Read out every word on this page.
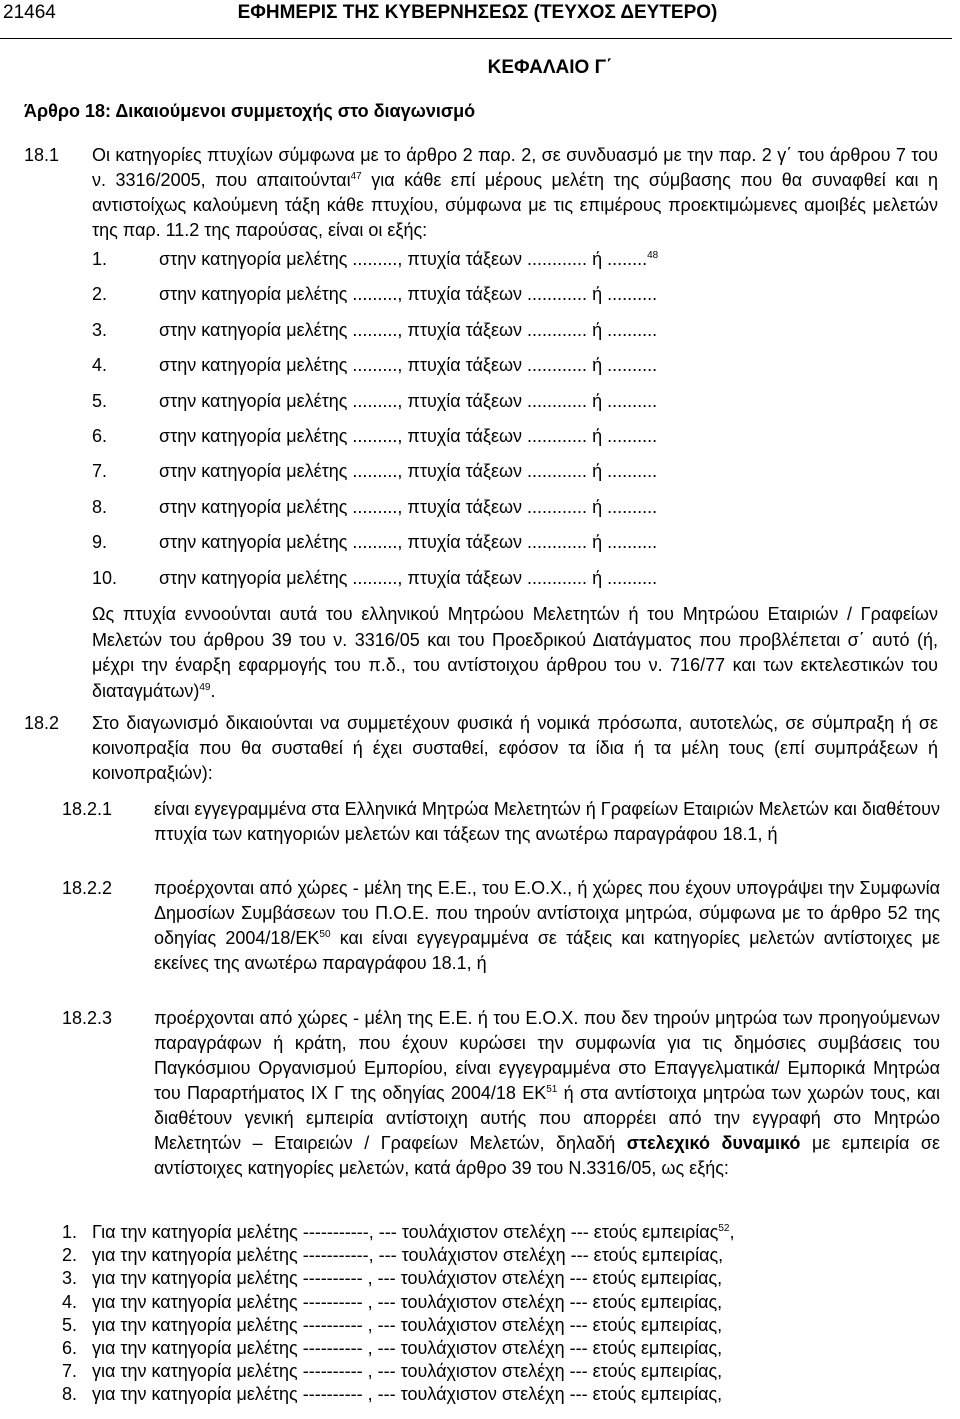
21464	ΕΦΗΜΕΡΙΣ ΤΗΣ ΚΥΒΕΡΝΗΣΕΩΣ (ΤΕΥΧΟΣ ΔΕΥΤΕΡΟ)
ΚΕΦΑΛΑΙΟ Γ΄
Άρθρο 18: Δικαιούμενοι συμμετοχής στο διαγωνισμό
18.1	Οι κατηγορίες πτυχίων σύμφωνα με το άρθρο 2 παρ. 2, σε συνδυασμό με την παρ. 2 γ΄ του άρθρου 7 του ν. 3316/2005, που απαιτούνται$^{47}$ για κάθε επί μέρους μελέτη της σύμβασης που θα συναφθεί και η αντιστοίχως καλούμενη τάξη κάθε πτυχίου, σύμφωνα με τις επιμέρους προεκτιμώμενες αμοιβές μελετών της παρ. 11.2 της παρούσας, είναι οι εξής:
1.	στην κατηγορία μελέτης ........., πτυχία τάξεων ............ ή ........$^{48}$
2.	στην κατηγορία μελέτης ........., πτυχία τάξεων ............ ή ..........
3.	στην κατηγορία μελέτης ........., πτυχία τάξεων ............ ή ..........
4.	στην κατηγορία μελέτης ........., πτυχία τάξεων ............ ή ..........
5.	στην κατηγορία μελέτης ........., πτυχία τάξεων ............ ή ..........
6.	στην κατηγορία μελέτης ........., πτυχία τάξεων ............ ή ..........
7.	στην κατηγορία μελέτης ........., πτυχία τάξεων ............ ή ..........
8.	στην κατηγορία μελέτης ........., πτυχία τάξεων ............ ή ..........
9.	στην κατηγορία μελέτης ........., πτυχία τάξεων ............ ή ..........
10. στην κατηγορία μελέτης ........., πτυχία τάξεων ............ ή ..........
Ως πτυχία εννοούνται αυτά του ελληνικού Μητρώου Μελετητών ή του Μητρώου Εταιριών / Γραφείων Μελετών του άρθρου 39 του ν. 3316/05 και του Προεδρικού Διατάγματος που προβλέπεται σ΄ αυτό (ή, μέχρι την έναρξη εφαρμογής του π.δ., του αντίστοιχου άρθρου του ν. 716/77 και των εκτελεστικών του διαταγμάτων)$^{49}$.
18.2	Στο διαγωνισμό δικαιούνται να συμμετέχουν φυσικά ή νομικά πρόσωπα, αυτοτελώς, σε σύμπραξη ή σε κοινοπραξία που θα συσταθεί ή έχει συσταθεί, εφόσον τα ίδια ή τα μέλη τους (επί συμπράξεων ή κοινοπραξιών):
18.2.1 είναι εγγεγραμμένα στα Ελληνικά Μητρώα Μελετητών ή Γραφείων Εταιριών Μελετών και διαθέτουν πτυχία των κατηγοριών μελετών και τάξεων της ανωτέρω παραγράφου 18.1, ή
18.2.2 προέρχονται από χώρες - μέλη της Ε.Ε., του Ε.Ο.Χ., ή χώρες που έχουν υπογράψει την Συμφωνία Δημοσίων Συμβάσεων του Π.Ο.Ε. που τηρούν αντίστοιχα μητρώα, σύμφωνα με το άρθρο 52 της οδηγίας 2004/18/ΕΚ$^{50}$ και είναι εγγεγραμμένα σε τάξεις και κατηγορίες μελετών αντίστοιχες με εκείνες της ανωτέρω παραγράφου 18.1, ή
18.2.3 προέρχονται από χώρες - μέλη της Ε.Ε. ή του Ε.Ο.Χ. που δεν τηρούν μητρώα των προηγούμενων παραγράφων ή κράτη, που έχουν κυρώσει την συμφωνία για τις δημόσιες συμβάσεις του Παγκόσμιου Οργανισμού Εμπορίου, είναι εγγεγραμμένα στο Επαγγελματικά/ Εμπορικά Μητρώα του Παραρτήματος ΙΧ Γ της οδηγίας 2004/18 ΕΚ$^{51}$ ή στα αντίστοιχα μητρώα των χωρών τους, και διαθέτουν γενική εμπειρία αντίστοιχη αυτής που απορρέει από την εγγραφή στο Μητρώο Μελετητών – Εταιρειών / Γραφείων Μελετών, δηλαδή στελεχικό δυναμικό με εμπειρία σε αντίστοιχες κατηγορίες μελετών, κατά άρθρο 39 του Ν.3316/05, ως εξής:
1. Για την κατηγορία μελέτης -----------, --- τουλάχιστον στελέχη --- ετούς εμπειρίας$^{52}$,
2. για την κατηγορία μελέτης -----------, --- τουλάχιστον στελέχη --- ετούς εμπειρίας,
3. για την κατηγορία μελέτης ---------- , --- τουλάχιστον στελέχη --- ετούς εμπειρίας,
4. για την κατηγορία μελέτης ---------- , --- τουλάχιστον στελέχη --- ετούς εμπειρίας,
5. για την κατηγορία μελέτης ---------- , --- τουλάχιστον στελέχη --- ετούς εμπειρίας,
6. για την κατηγορία μελέτης ---------- , --- τουλάχιστον στελέχη --- ετούς εμπειρίας,
7. για την κατηγορία μελέτης ---------- , --- τουλάχιστον στελέχη --- ετούς εμπειρίας,
8. για την κατηγορία μελέτης ---------- , --- τουλάχιστον στελέχη --- ετούς εμπειρίας,
